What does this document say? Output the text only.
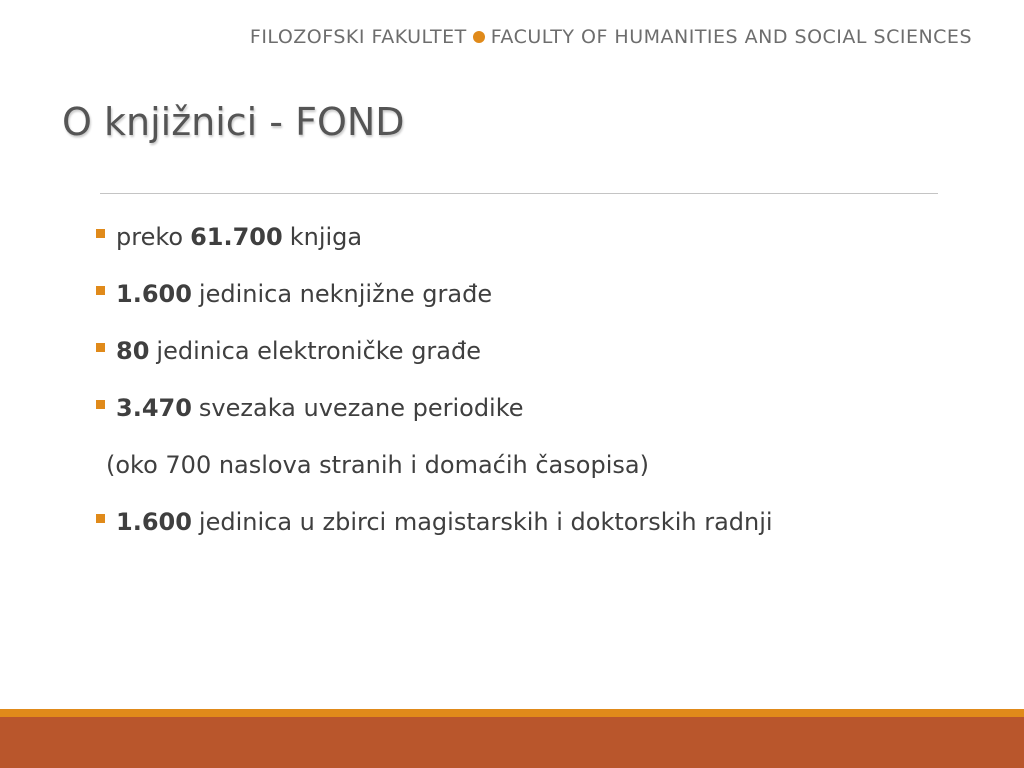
FILOZOFSKI FAKULTET FACULTY OF HUMANITIES AND SOCIAL SCIENCES
O knjižnici - FOND
preko 61.700 knjiga
1.600 jedinica neknjižne građe
80 jedinica elektroničke građe
3.470 svezaka uvezane periodike
(oko 700 naslova stranih i domaćih časopisa)
1.600 jedinica u zbirci magistarskih i doktorskih radnji
